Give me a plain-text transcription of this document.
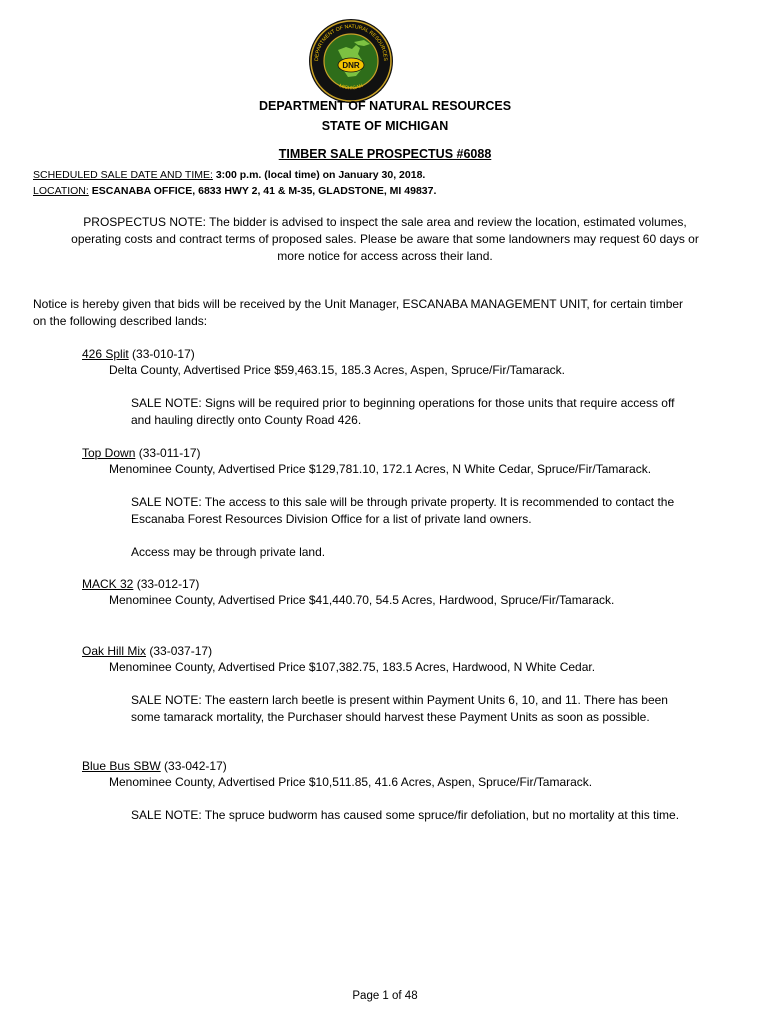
DNR
DEPARTMENT OF NATURAL RESOURCES
MICHIGAN
DEPARTMENT OF NATURAL RESOURCES
STATE OF MICHIGAN
TIMBER SALE PROSPECTUS #6088
SCHEDULED SALE DATE AND TIME: 3:00 p.m. (local time) on January 30, 2018.
LOCATION: ESCANABA OFFICE, 6833 HWY 2, 41 & M-35, GLADSTONE, MI 49837.
PROSPECTUS NOTE: The bidder is advised to inspect the sale area and review the location, estimated volumes, operating costs and contract terms of proposed sales. Please be aware that some landowners may request 60 days or more notice for access across their land.
Notice is hereby given that bids will be received by the Unit Manager, ESCANABA MANAGEMENT UNIT, for certain timber on the following described lands:
426 Split (33-010-17)
Delta County, Advertised Price $59,463.15, 185.3 Acres, Aspen, Spruce/Fir/Tamarack.
SALE NOTE: Signs will be required prior to beginning operations for those units that require access off and hauling directly onto County Road 426.
Top Down (33-011-17)
Menominee County, Advertised Price $129,781.10, 172.1 Acres, N White Cedar, Spruce/Fir/Tamarack.
SALE NOTE: The access to this sale will be through private property. It is recommended to contact the Escanaba Forest Resources Division Office for a list of private land owners.
Access may be through private land.
MACK 32 (33-012-17)
Menominee County, Advertised Price $41,440.70, 54.5 Acres, Hardwood, Spruce/Fir/Tamarack.
Oak Hill Mix (33-037-17)
Menominee County, Advertised Price $107,382.75, 183.5 Acres, Hardwood, N White Cedar.
SALE NOTE: The eastern larch beetle is present within Payment Units 6, 10, and 11. There has been some tamarack mortality, the Purchaser should harvest these Payment Units as soon as possible.
Blue Bus SBW (33-042-17)
Menominee County, Advertised Price $10,511.85, 41.6 Acres, Aspen, Spruce/Fir/Tamarack.
SALE NOTE: The spruce budworm has caused some spruce/fir defoliation, but no mortality at this time.
Page 1 of 48
